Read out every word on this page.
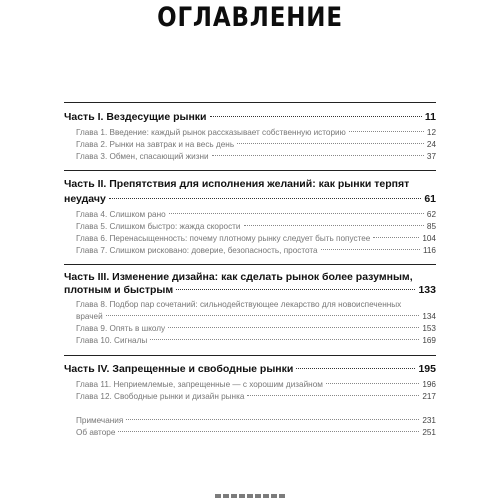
ОГЛАВЛЕНИЕ
Часть I. Вездесущие рынки	11
Глава 1. Введение: каждый рынок рассказывает собственную историю	12
Глава 2. Рынки на завтрак и на весь день	24
Глава 3. Обмен, спасающий жизни	37
Часть II. Препятствия для исполнения желаний: как рынки терпят
неудачу	61
Глава 4. Слишком рано	62
Глава 5. Слишком быстро: жажда скорости	85
Глава 6. Перенасыщенность: почему плотному рынку следует быть попустее	104
Глава 7. Слишком рисковано: доверие, безопасность, простота	116
Часть III. Изменение дизайна: как сделать рынок более разумным,
плотным и быстрым	133
Глава 8. Подбор пар сочетаний: сильнодействующее лекарство для новоиспеченных
врачей	134
Глава 9. Опять в школу	153
Глава 10. Сигналы	169
Часть IV. Запрещенные и свободные рынки	195
Глава 11. Неприемлемые, запрещенные — с хорошим дизайном	196
Глава 12. Свободные рынки и дизайн рынка	217
Примечания	231
Об авторе	251
